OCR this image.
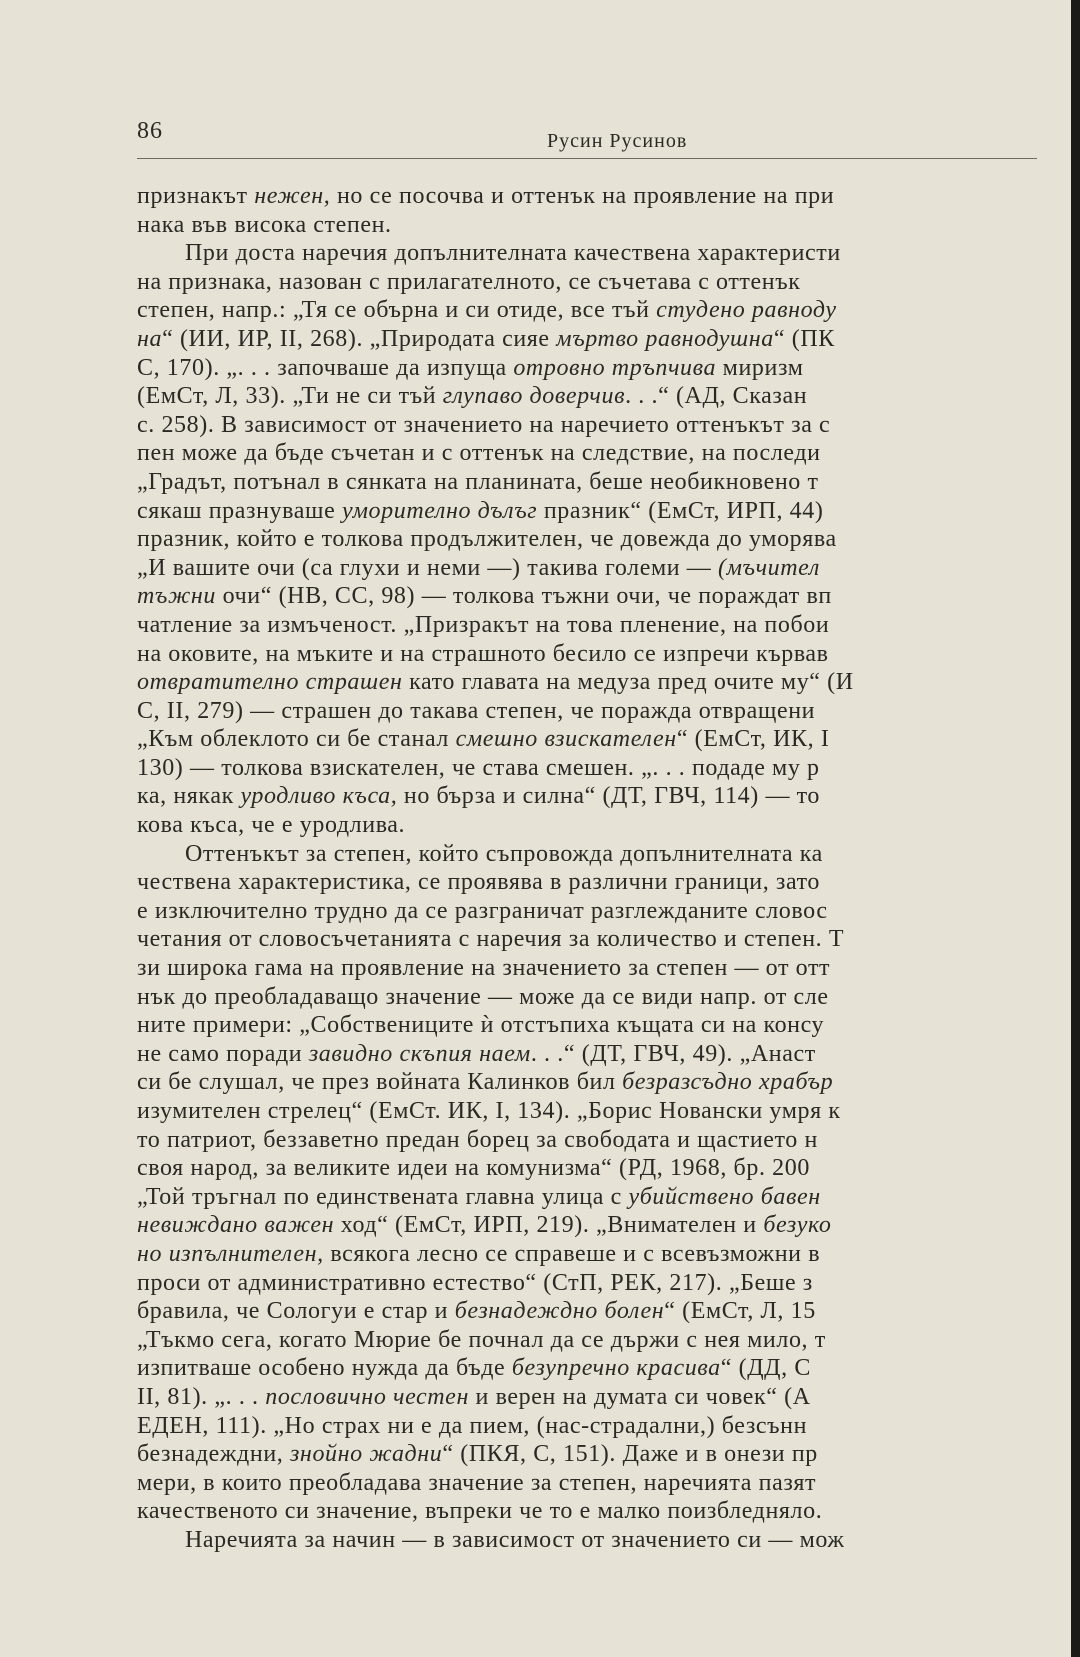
86	Русин Русинов
признакът нежен, но се посочва и оттенък на проявление на при
нака във висока степен.
При доста наречия допълнителната качествена характеристи
на признака, назован с прилагателното, се съчетава с оттенък
степен, напр.: „Тя се обърна и си отиде, все тъй студено равноду
на“ (ИИ, ИР, II, 268). „Природата сияе мъртво равнодушна“ (ПК
С, 170). „. . . започваше да изпуща отровно тръпчива миризм
(ЕмСт, Л, 33). „Ти не си тъй глупаво доверчив. . .“ (АД, Сказан
с. 258). В зависимост от значението на наречието оттенъкът за с
пен може да бъде съчетан и с оттенък на следствие, на последи
„Градът, потънал в сянката на планината, беше необикновено т
сякаш празнуваше уморително дълъг празник“ (ЕмСт, ИРП, 44)
празник, който е толкова продължителен, че довежда до уморява
„И вашите очи (са глухи и неми —) такива големи — (мъчител
тъжни очи“ (НВ, СС, 98) — толкова тъжни очи, че пораждат вп
чатление за измъченост. „Призракът на това пленение, на побои
на оковите, на мъките и на страшното бесило се изпречи кървав
отвратително страшен като главата на медуза пред очите му“ (И
С, II, 279) — страшен до такава степен, че поражда отвращени
„Към облеклото си бе станал смешно взискателен“ (ЕмСт, ИК, I
130) — толкова взискателен, че става смешен. „. . . подаде му р
ка, някак уродливо къса, но бърза и силна“ (ДТ, ГВЧ, 114) — то
кова къса, че е уродлива.
Оттенъкът за степен, който съпровожда допълнителната ка
чествена характеристика, се проявява в различни граници, зато
е изключително трудно да се разграничат разглежданите словос
четания от словосъчетанията с наречия за количество и степен. Т
зи широка гама на проявление на значението за степен — от отт
нък до преобладаващо значение — може да се види напр. от сле
ните примери: „Собствениците ѝ отстъпиха къщата си на консу
не само поради завидно скъпия наем. . .“ (ДТ, ГВЧ, 49). „Анаст
си бе слушал, че през войната Калинков бил безразсъдно храбър
изумителен стрелец“ (ЕмСт. ИК, I, 134). „Борис Новански умря к
то патриот, беззаветно предан борец за свободата и щастието н
своя народ, за великите идеи на комунизма“ (РД, 1968, бр. 200
„Той тръгнал по единствената главна улица с убийствено бавен
невиждано важен ход“ (ЕмСт, ИРП, 219). „Внимателен и безуко
но изпълнителен, всякога лесно се справеше и с всевъзможни в
проси от административно естество“ (СтП, РЕК, 217). „Беше з
бравила, че Сологуи е стар и безнадеждно болен“ (ЕмСт, Л, 15
„Тъкмо сега, когато Мюрие бе почнал да се държи с нея мило, т
изпитваше особено нужда да бъде безупречно красива“ (ДД, С
II, 81). „. . . пословично честен и верен на думата си човек“ (А
ЕДЕН, 111). „Но страх ни е да пием, (нас-страдални,) безсънн
безнадеждни, знойно жадни“ (ПКЯ, С, 151). Даже и в онези пр
мери, в които преобладава значение за степен, наречията пазят
качественото си значение, въпреки че то е малко поизбледняло.
Наречията за начин — в зависимост от значението си — мож
